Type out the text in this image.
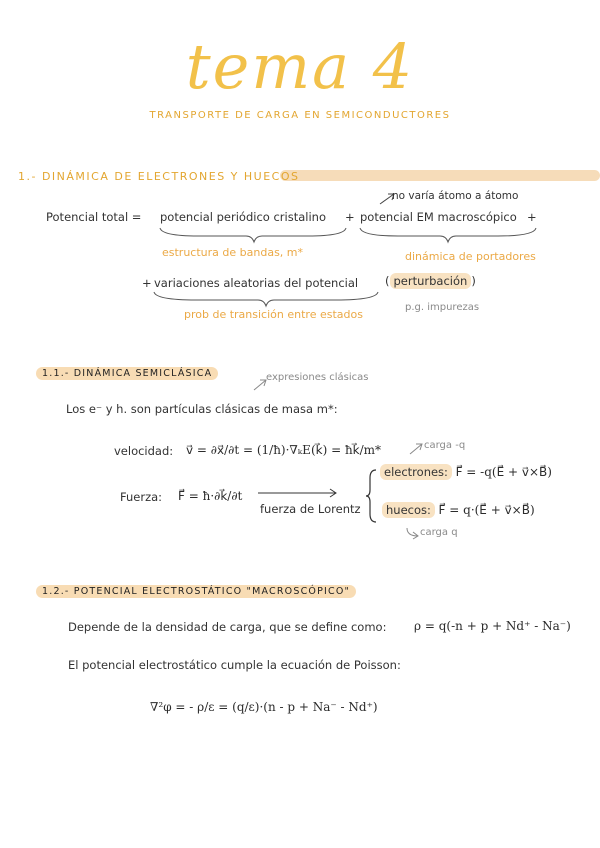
tema 4
TRANSPORTE DE CARGA EN SEMICONDUCTORES
1.- DINÁMICA DE ELECTRONES Y HUECOS
no varía átomo a átomo
Potencial total = potencial periódico cristalino + potencial EM macroscópico +
estructura de bandas, m*	dinámica de portadores
+ variaciones aleatorias del potencial ( perturbación )
prob de transición entre estados
p.g. impurezas
1.1.- DINÁMICA SEMICLÁSICA	expresiones clásicas
Los e⁻ y h. son partículas clásicas de masa m*:
velocidad: v⃗ = ∂x⃗/∂t = (1/ħ)·∇ₖE(k⃗) = ħk⃗/m*	carga -q
Fuerza: F⃗ = ħ·∂k⃗/∂t
fuerza de Lorentz
electrones: F⃗ = -q(E⃗ + v⃗×B⃗)
huecos: F⃗ = q·(E⃗ + v⃗×B⃗)
carga q
1.2.- POTENCIAL ELECTROSTÁTICO "MACROSCÓPICO"
Depende de la densidad de carga, que se define como: ρ = q(-n + p + Nd⁺ - Na⁻)
El potencial electrostático cumple la ecuación de Poisson:
∇²φ = - ρ/ε = (q/ε)·(n - p + Na⁻ - Nd⁺)
